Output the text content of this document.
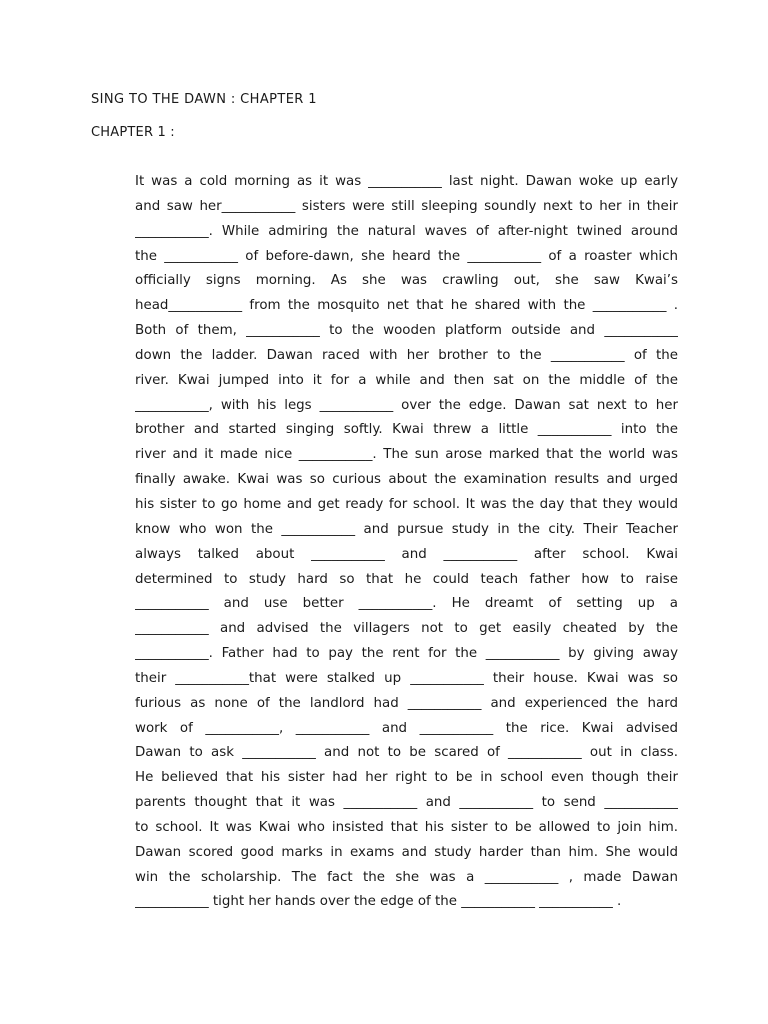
SING TO THE DAWN : CHAPTER 1
CHAPTER 1 :
It was a cold morning as it was ___________ last night. Dawan woke up early
and saw her___________ sisters were still sleeping soundly next to her in their
___________. While admiring the natural waves of after-night twined around
the ___________ of before-dawn, she heard the ___________ of a roaster which
officially signs morning. As she was crawling out, she saw Kwai’s
head___________ from the mosquito net that he shared with the ___________ .
Both of them, ___________ to the wooden platform outside and ___________
down the ladder. Dawan raced with her brother to the ___________ of the
river. Kwai jumped into it for a while and then sat on the middle of the
___________, with his legs ___________ over the edge. Dawan sat next to her
brother and started singing softly. Kwai threw a little ___________ into the
river and it made nice ___________. The sun arose marked that the world was
finally awake. Kwai was so curious about the examination results and urged
his sister to go home and get ready for school. It was the day that they would
know who won the ___________ and pursue study in the city. Their Teacher
always talked about ___________ and ___________ after school. Kwai
determined to study hard so that he could teach father how to raise
___________ and use better ___________. He dreamt of setting up a
___________ and advised the villagers not to get easily cheated by the
___________. Father had to pay the rent for the ___________ by giving away
their ___________that were stalked up ___________ their house. Kwai was so
furious as none of the landlord had ___________ and experienced the hard
work of ___________, ___________ and ___________ the rice. Kwai advised
Dawan to ask ___________ and not to be scared of ___________ out in class.
He believed that his sister had her right to be in school even though their
parents thought that it was ___________ and ___________ to send ___________
to school. It was Kwai who insisted that his sister to be allowed to join him.
Dawan scored good marks in exams and study harder than him. She would
win the scholarship. The fact the she was a ___________ , made Dawan
___________ tight her hands over the edge of the ___________ ___________ .
